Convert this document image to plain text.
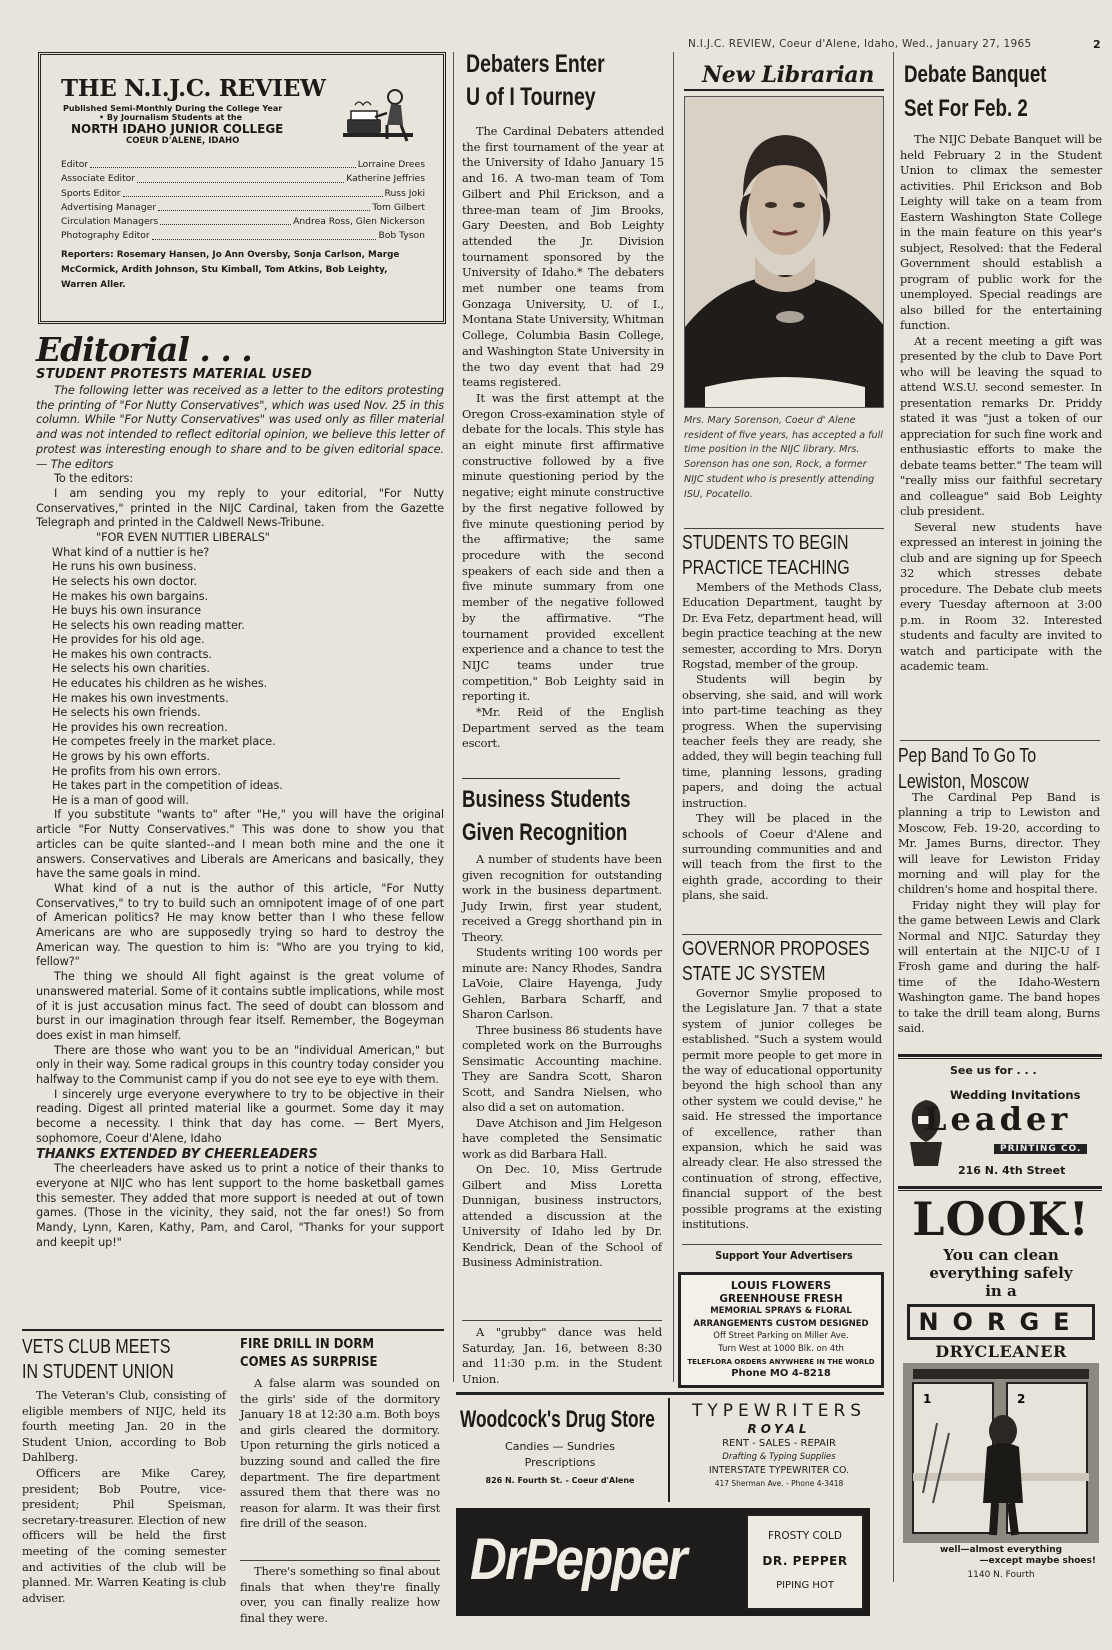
N.I.J.C. REVIEW, Coeur d'Alene, Idaho, Wed., January 27, 1965	2
THE N.I.J.C. REVIEW
Published Semi-Monthly During the College Year
• By Journalism Students at the
NORTH IDAHO JUNIOR COLLEGE
COEUR D'ALENE, IDAHO
Editor	Lorraine Drees
Associate Editor	Katherine Jeffries
Sports Editor	Russ Joki
Advertising Manager	Tom Gilbert
Circulation Managers	Andrea Ross, Glen Nickerson
Photography Editor	Bob Tyson
Reporters: Rosemary Hansen, Jo Ann Oversby, Sonja Carlson, Marge McCormick, Ardith Johnson, Stu Kimball, Tom Atkins, Bob Leighty, Warren Aller.
Editorial . . .
STUDENT PROTESTS MATERIAL USED

The following letter was received as a letter to the editors protesting the printing of "For Nutty Conservatives", which was used Nov. 25 in this column. While "For Nutty Conservatives" was used only as filler material and was not intended to reflect editorial opinion, we believe this letter of protest was interesting enough to share and to be given editorial space. — The editors

To the editors:

I am sending you my reply to your editorial, "For Nutty Conservatives," printed in the NIJC Cardinal, taken from the Gazette Telegraph and printed in the Caldwell News-Tribune.

"FOR EVEN NUTTIER LIBERALS"
What kind of a nuttier is he?
He runs his own business.
He selects his own doctor.
He makes his own bargains.
He buys his own insurance
He selects his own reading matter.
He provides for his old age.
He makes his own contracts.
He selects his own charities.
He educates his children as he wishes.
He makes his own investments.
He selects his own friends.
He provides his own recreation.
He competes freely in the market place.
He grows by his own efforts.
He profits from his own errors.
He takes part in the competition of ideas.
He is a man of good will.

If you substitute "wants to" after "He," you will have the original article "For Nutty Conservatives." This was done to show you that articles can be quite slanted--and I mean both mine and the one it answers. Conservatives and Liberals are Americans and basically, they have the same goals in mind.

What kind of a nut is the author of this article, "For Nutty Conservatives," to try to build such an omnipotent image of of one part of American politics? He may know better than I who these fellow Americans are who are supposedly trying so hard to destroy the American way. The question to him is: "Who are you trying to kid, fellow?"

The thing we should All fight against is the great volume of unanswered material. Some of it contains subtle implications, while most of it is just accusation minus fact. The seed of doubt can blossom and burst in our imagination through fear itself. Remember, the Bogeyman does exist in man himself.

There are those who want you to be an "individual American," but only in their way. Some radical groups in this country today consider you halfway to the Communist camp if you do not see eye to eye with them.

I sincerely urge everyone everywhere to try to be objective in their reading. Digest all printed material like a gourmet. Some day it may become a necessity. I think that day has come. — Bert Myers, sophomore, Coeur d'Alene, Idaho

THANKS EXTENDED BY CHEERLEADERS

The cheerleaders have asked us to print a notice of their thanks to everyone at NIJC who has lent support to the home basketball games this semester. They added that more support is needed at out of town games. (Those in the vicinity, they said, not the far ones!) So from Mandy, Lynn, Karen, Kathy, Pam, and Carol, "Thanks for your support and keepit up!"

VETS CLUB MEETS
IN STUDENT UNION

The Veteran's Club, consisting of eligible members of NIJC, held its fourth meeting Jan. 20 in the Student Union, according to Bob Dahlberg.

Officers are Mike Carey, president; Bob Poutre, vice-president; Phil Speisman, secretary-treasurer. Election of new officers will be held the first meeting of the coming semester and activities of the club will be planned. Mr. Warren Keating is club adviser.

FIRE DRILL IN DORM
COMES AS SURPRISE

A false alarm was sounded on the girls' side of the dormitory January 18 at 12:30 a.m. Both boys and girls cleared the dormitory. Upon returning the girls noticed a buzzing sound and called the fire department. The fire department assured them that there was no reason for alarm. It was their first fire drill of the season.

There's something so final about finals that when they're finally over, you can finally realize how final they were.

Debaters Enter
U of I Tourney

The Cardinal Debaters attended the first tournament of the year at the University of Idaho January 15 and 16. A two-man team of Tom Gilbert and Phil Erickson, and a three-man team of Jim Brooks, Gary Deesten, and Bob Leighty attended the Jr. Division tournament sponsored by the University of Idaho.* The debaters met number one teams from Gonzaga University, U. of I., Montana State University, Whitman College, Columbia Basin College, and Washington State University in the two day event that had 29 teams registered.

It was the first attempt at the Oregon Cross-examination style of debate for the locals. This style has an eight minute first affirmative constructive followed by a five minute questioning period by the negative; eight minute constructive by the first negative followed by five minute questioning period by the affirmative; the same procedure with the second speakers of each side and then a five minute summary from one member of the negative followed by the affirmative. "The tournament provided excellent experience and a chance to test the NIJC teams under true competition," Bob Leighty said in reporting it.

*Mr. Reid of the English Department served as the team escort.

Business Students
Given Recognition

A number of students have been given recognition for outstanding work in the business department. Judy Irwin, first year student, received a Gregg shorthand pin in Theory.

Students writing 100 words per minute are: Nancy Rhodes, Sandra LaVoie, Claire Hayenga, Judy Gehlen, Barbara Scharff, and Sharon Carlson.

Three business 86 students have completed work on the Burroughs Sensimatic Accounting machine. They are Sandra Scott, Sharon Scott, and Sandra Nielsen, who also did a set on automation.

Dave Atchison and Jim Helgeson have completed the Sensimatic work as did Barbara Hall.

On Dec. 10, Miss Gertrude Gilbert and Miss Loretta Dunnigan, business instructors, attended a discussion at the University of Idaho led by Dr. Kendrick, Dean of the School of Business Administration.

A "grubby" dance was held Saturday, Jan. 16, between 8:30 and 11:30 p.m. in the Student Union.

New Librarian
Mrs. Mary Sorenson, Coeur d' Alene resident of five years, has accepted a full time position in the NIJC library. Mrs. Sorenson has one son, Rock, a former NIJC student who is presently attending ISU, Pocatello.
STUDENTS TO BEGIN
PRACTICE TEACHING

Members of the Methods Class, Education Department, taught by Dr. Eva Fetz, department head, will begin practice teaching at the new semester, according to Mrs. Doryn Rogstad, member of the group.

Students will begin by observing, she said, and will work into part-time teaching as they progress. When the supervising teacher feels they are ready, she added, they will begin teaching full time, planning lessons, grading papers, and doing the actual instruction.

They will be placed in the schools of Coeur d'Alene and surrounding communities and and will teach from the first to the eighth grade, according to their plans, she said.

GOVERNOR PROPOSES
STATE JC SYSTEM

Governor Smylie proposed to the Legislature Jan. 7 that a state system of junior colleges be established. "Such a system would permit more people to get more in the way of educational opportunity beyond the high school than any other system we could devise," he said. He stressed the importance of excellence, rather than expansion, which he said was already clear. He also stressed the continuation of strong, effective, financial support of the best possible programs at the existing institutions.

Support Your Advertisers
LOUIS FLOWERS
GREENHOUSE FRESH
MEMORIAL SPRAYS & FLORAL
ARRANGEMENTS CUSTOM DESIGNED
Off Street Parking on Miller Ave.
Turn West at 1000 Blk. on 4th
TELEFLORA ORDERS ANYWHERE IN THE WORLD
Phone MO 4-8218
Debate Banquet
Set For Feb. 2

The NIJC Debate Banquet will be held February 2 in the Student Union to climax the semester activities. Phil Erickson and Bob Leighty will take on a team from Eastern Washington State College in the main feature on this year's subject, Resolved: that the Federal Government should establish a program of public work for the unemployed. Special readings are also billed for the entertaining function.

At a recent meeting a gift was presented by the club to Dave Port who will be leaving the squad to attend W.S.U. second semester. In presentation remarks Dr. Priddy stated it was "just a token of our appreciation for such fine work and enthusiastic efforts to make the debate teams better." The team will "really miss our faithful secretary and colleague" said Bob Leighty club president.

Several new students have expressed an interest in joining the club and are signing up for Speech 32 which stresses debate procedure. The Debate club meets every Tuesday afternoon at 3:00 p.m. in Room 32. Interested students and faculty are invited to watch and participate with the academic team.

Pep Band To Go To
Lewiston, Moscow

The Cardinal Pep Band is planning a trip to Lewiston and Moscow, Feb. 19-20, according to Mr. James Burns, director. They will leave for Lewiston Friday morning and will play for the children's home and hospital there.

Friday night they will play for the game between Lewis and Clark Normal and NIJC. Saturday they will entertain at the NIJC-U of I Frosh game and during the half-time of the Idaho-Western Washington game. The band hopes to take the drill team along, Burns said.

See us for . . .
Wedding Invitations
Leader
PRINTING CO.
216 N. 4th Street
LOOK!
You can clean
everything safely
in a
NORGE
DRYCLEANER
1	2
well—almost everything
—except maybe shoes!
1140 N. Fourth
Woodcock's Drug Store
Candies — Sundries
Prescriptions
826 N. Fourth St. - Coeur d'Alene
TYPEWRITERS
ROYAL
RENT - SALES - REPAIR
Drafting & Typing Supplies
INTERSTATE TYPEWRITER CO.
417 Sherman Ave. - Phone 4-3418
DrPepper	FROSTY COLD
DR. PEPPER
PIPING HOT
